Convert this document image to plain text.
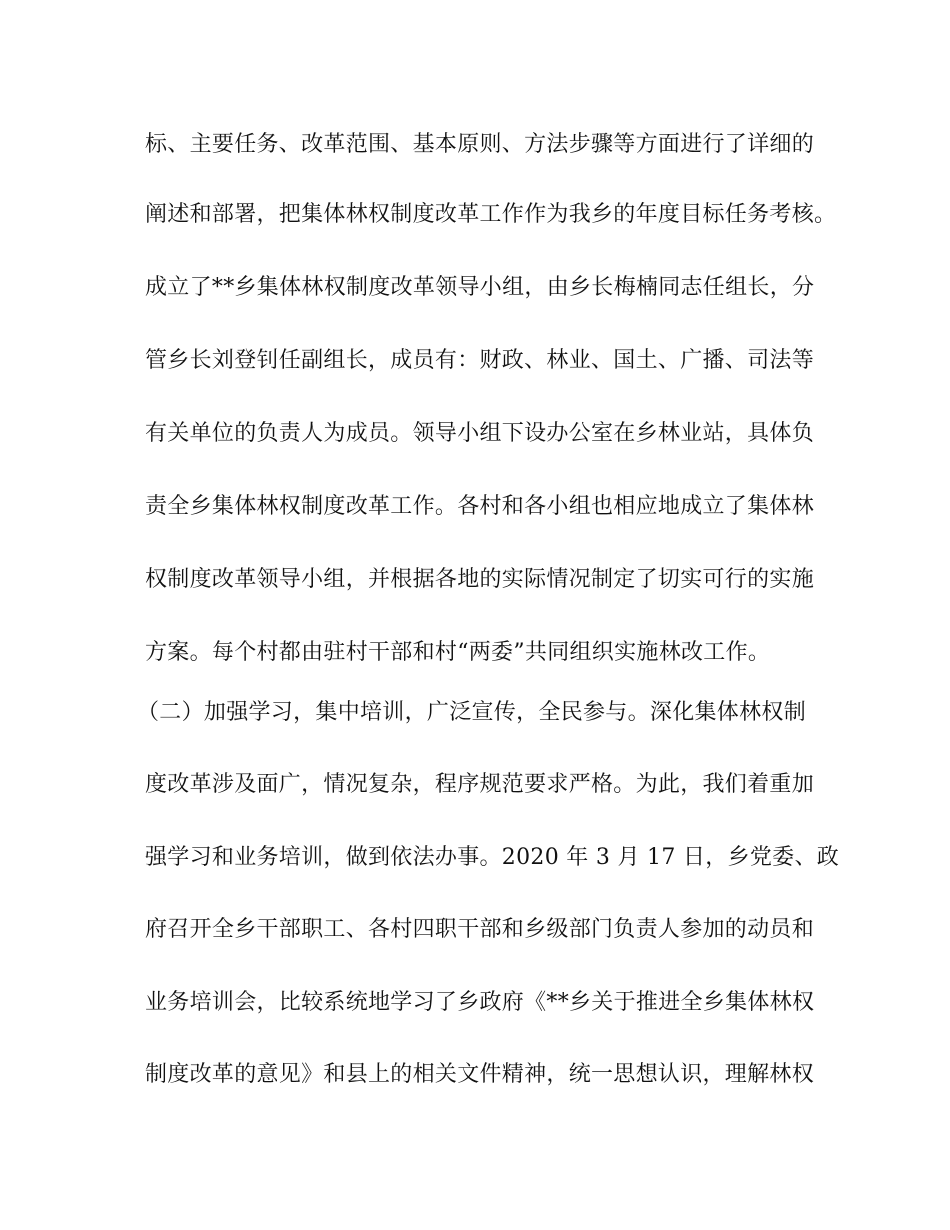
标、主要任务、改革范围、基本原则、方法步骤等方面进行了详细的
阐述和部署，把集体林权制度改革工作作为我乡的年度目标任务考核。
成立了**乡集体林权制度改革领导小组，由乡长梅楠同志任组长，分
管乡长刘登钊任副组长，成员有：财政、林业、国土、广播、司法等
有关单位的负责人为成员。领导小组下设办公室在乡林业站，具体负
责全乡集体林权制度改革工作。各村和各小组也相应地成立了集体林
权制度改革领导小组，并根据各地的实际情况制定了切实可行的实施
方案。每个村都由驻村干部和村“两委”共同组织实施林改工作。
（二）加强学习，集中培训，广泛宣传，全民参与。深化集体林权制
度改革涉及面广，情况复杂，程序规范要求严格。为此，我们着重加
强学习和业务培训，做到依法办事。2020 年 3 月 17 日，乡党委、政
府召开全乡干部职工、各村四职干部和乡级部门负责人参加的动员和
业务培训会，比较系统地学习了乡政府《**乡关于推进全乡集体林权
制度改革的意见》和县上的相关文件精神，统一思想认识，理解林权
